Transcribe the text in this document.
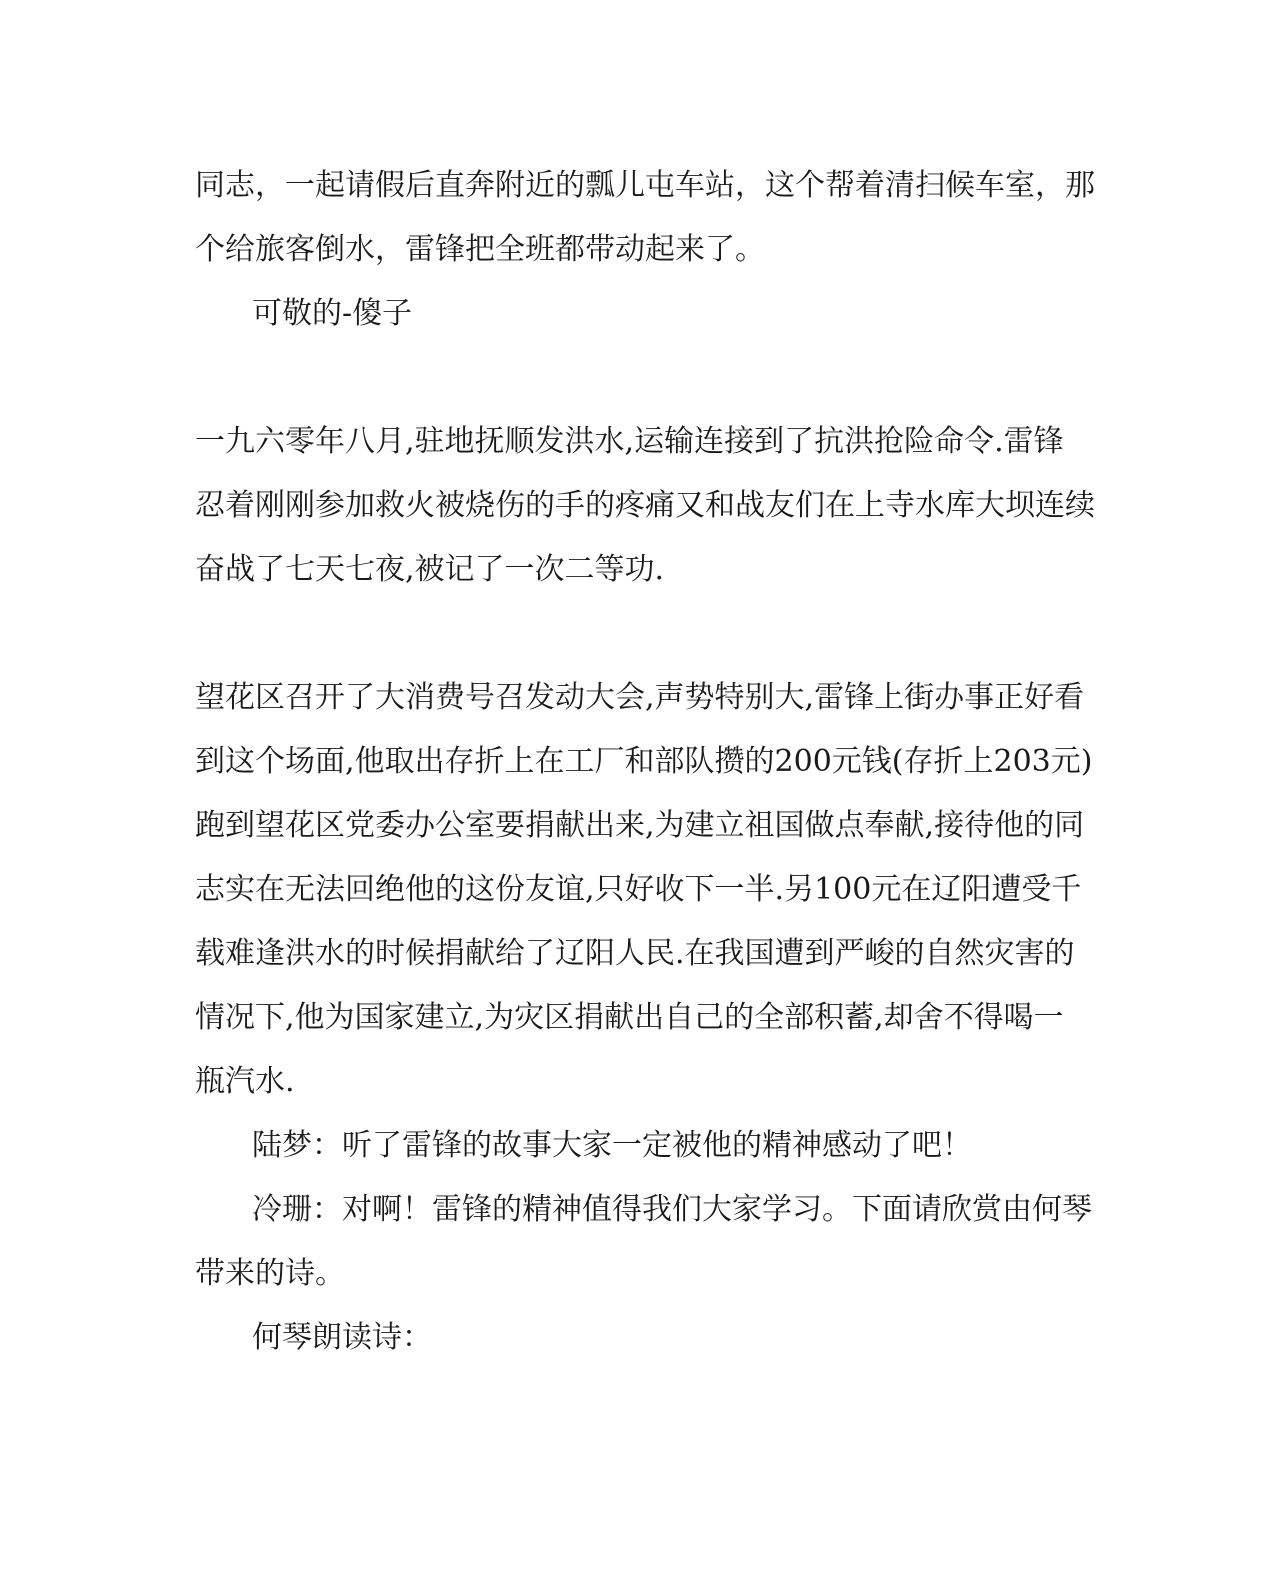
同志，一起请假后直奔附近的瓢儿屯车站，这个帮着清扫候车室，那

个给旅客倒水，雷锋把全班都带动起来了。

可敬的-傻子

一九六零年八月,驻地抚顺发洪水,运输连接到了抗洪抢险命令.雷锋

忍着刚刚参加救火被烧伤的手的疼痛又和战友们在上寺水库大坝连续

奋战了七天七夜,被记了一次二等功.

望花区召开了大消费号召发动大会,声势特别大,雷锋上街办事正好看

到这个场面,他取出存折上在工厂和部队攒的200元钱(存折上203元)

跑到望花区党委办公室要捐献出来,为建立祖国做点奉献,接待他的同

志实在无法回绝他的这份友谊,只好收下一半.另100元在辽阳遭受千

载难逢洪水的时候捐献给了辽阳人民.在我国遭到严峻的自然灾害的

情况下,他为国家建立,为灾区捐献出自己的全部积蓄,却舍不得喝一

瓶汽水.

陆梦：听了雷锋的故事大家一定被他的精神感动了吧！

冷珊：对啊！雷锋的精神值得我们大家学习。下面请欣赏由何琴

带来的诗。

何琴朗读诗：
